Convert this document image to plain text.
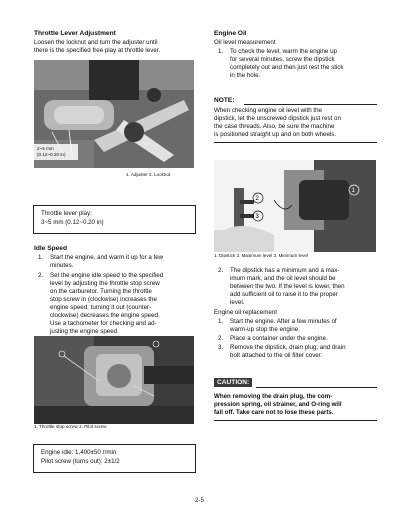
Throttle Lever Adjustment
Loosen the locknut and turn the adjuster until
there is the specified free play at throttle lever.
2~5 mm
(0.12~0.20 in)
1. Adjuster 2. Locknut
Throttle lever play:
3~5 mm (0.12~0.20 in)
Idle Speed
1. Start the engine, and warm it up for a few
minutes.
2. Set the engine idle speed to the specified
level by adjusting the throttle stop screw
on the carburetor. Turning the throttle
stop screw in (clockwise) increases the
engine speed; turning it out (counter-
clockwise) decreases the engine speed.
Use a tachometer for checking and ad-
justing the engine speed.
1. Throttle stop screw 2. Pilot screw
Engine idle: 1,400±50 r/min
Pilot screw (turns out): 2±1/2
Engine Oil
Oil level measurement
1. To check the level, warm the engine up
for several minutes, screw the dipstick
completely out and then just rest the stick
in the hole.
NOTE:
When checking engine oil level with the
dipstick, let the unscrewed dipstick just rest on
the case threads. Also, be sure the machine
is positioned straight up and on both wheels.
2
3
1
1. Dipstick 2. Maximum level 3. Minimum level
2. The dipstick has a minimum and a max-
imum mark, and the oil level should be
between the two. If the level is lower, then
add sufficient oil to raise it to the proper
level.
Engine oil replacement
1. Start the engine. After a few minutes of
warm-up stop the engine.
2. Place a container under the engine.
3. Remove the dipstick, drain plug, and drain
bolt attached to the oil filter cover.
CAUTION:
When removing the drain plug, the com-
pression spring, oil strainer, and O-ring will
fall off. Take care not to lose these parts.
2-5
